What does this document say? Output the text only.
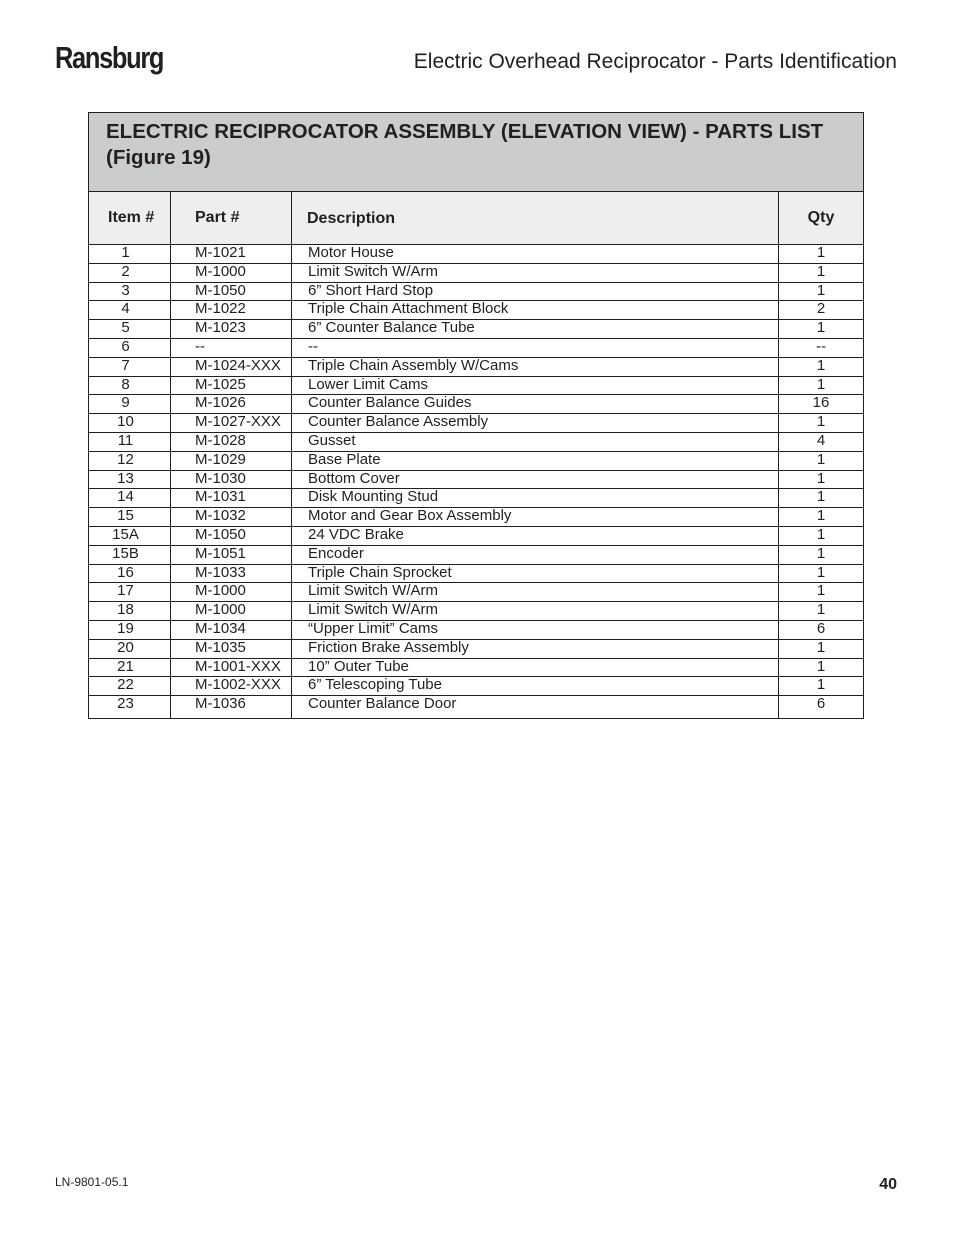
Ransburg	Electric Overhead Reciprocator - Parts Identification
ELECTRIC RECIPROCATOR ASSEMBLY (ELEVATION VIEW) - PARTS LIST (Figure 19)			
Item #	Part #	Description	Qty
1	M-1021	Motor House	1
2	M-1000	Limit Switch W/Arm	1
3	M-1050	6” Short Hard Stop	1
4	M-1022	Triple Chain Attachment Block	2
5	M-1023	6” Counter Balance Tube	1
6	--	--	--
7	M-1024-XXX	Triple Chain Assembly W/Cams	1
8	M-1025	Lower Limit Cams	1
9	M-1026	Counter Balance Guides	16
10	M-1027-XXX	Counter Balance Assembly	1
11	M-1028	Gusset	4
12	M-1029	Base Plate	1
13	M-1030	Bottom Cover	1
14	M-1031	Disk Mounting Stud	1
15	M-1032	Motor and Gear Box Assembly	1
15A	M-1050	24 VDC Brake	1
15B	M-1051	Encoder	1
16	M-1033	Triple Chain Sprocket	1
17	M-1000	Limit Switch W/Arm	1
18	M-1000	Limit Switch W/Arm	1
19	M-1034	“Upper Limit” Cams	6
20	M-1035	Friction Brake Assembly	1
21	M-1001-XXX	10” Outer Tube	1
22	M-1002-XXX	6” Telescoping Tube	1
23	M-1036	Counter Balance Door	6
LN-9801-05.1	40
